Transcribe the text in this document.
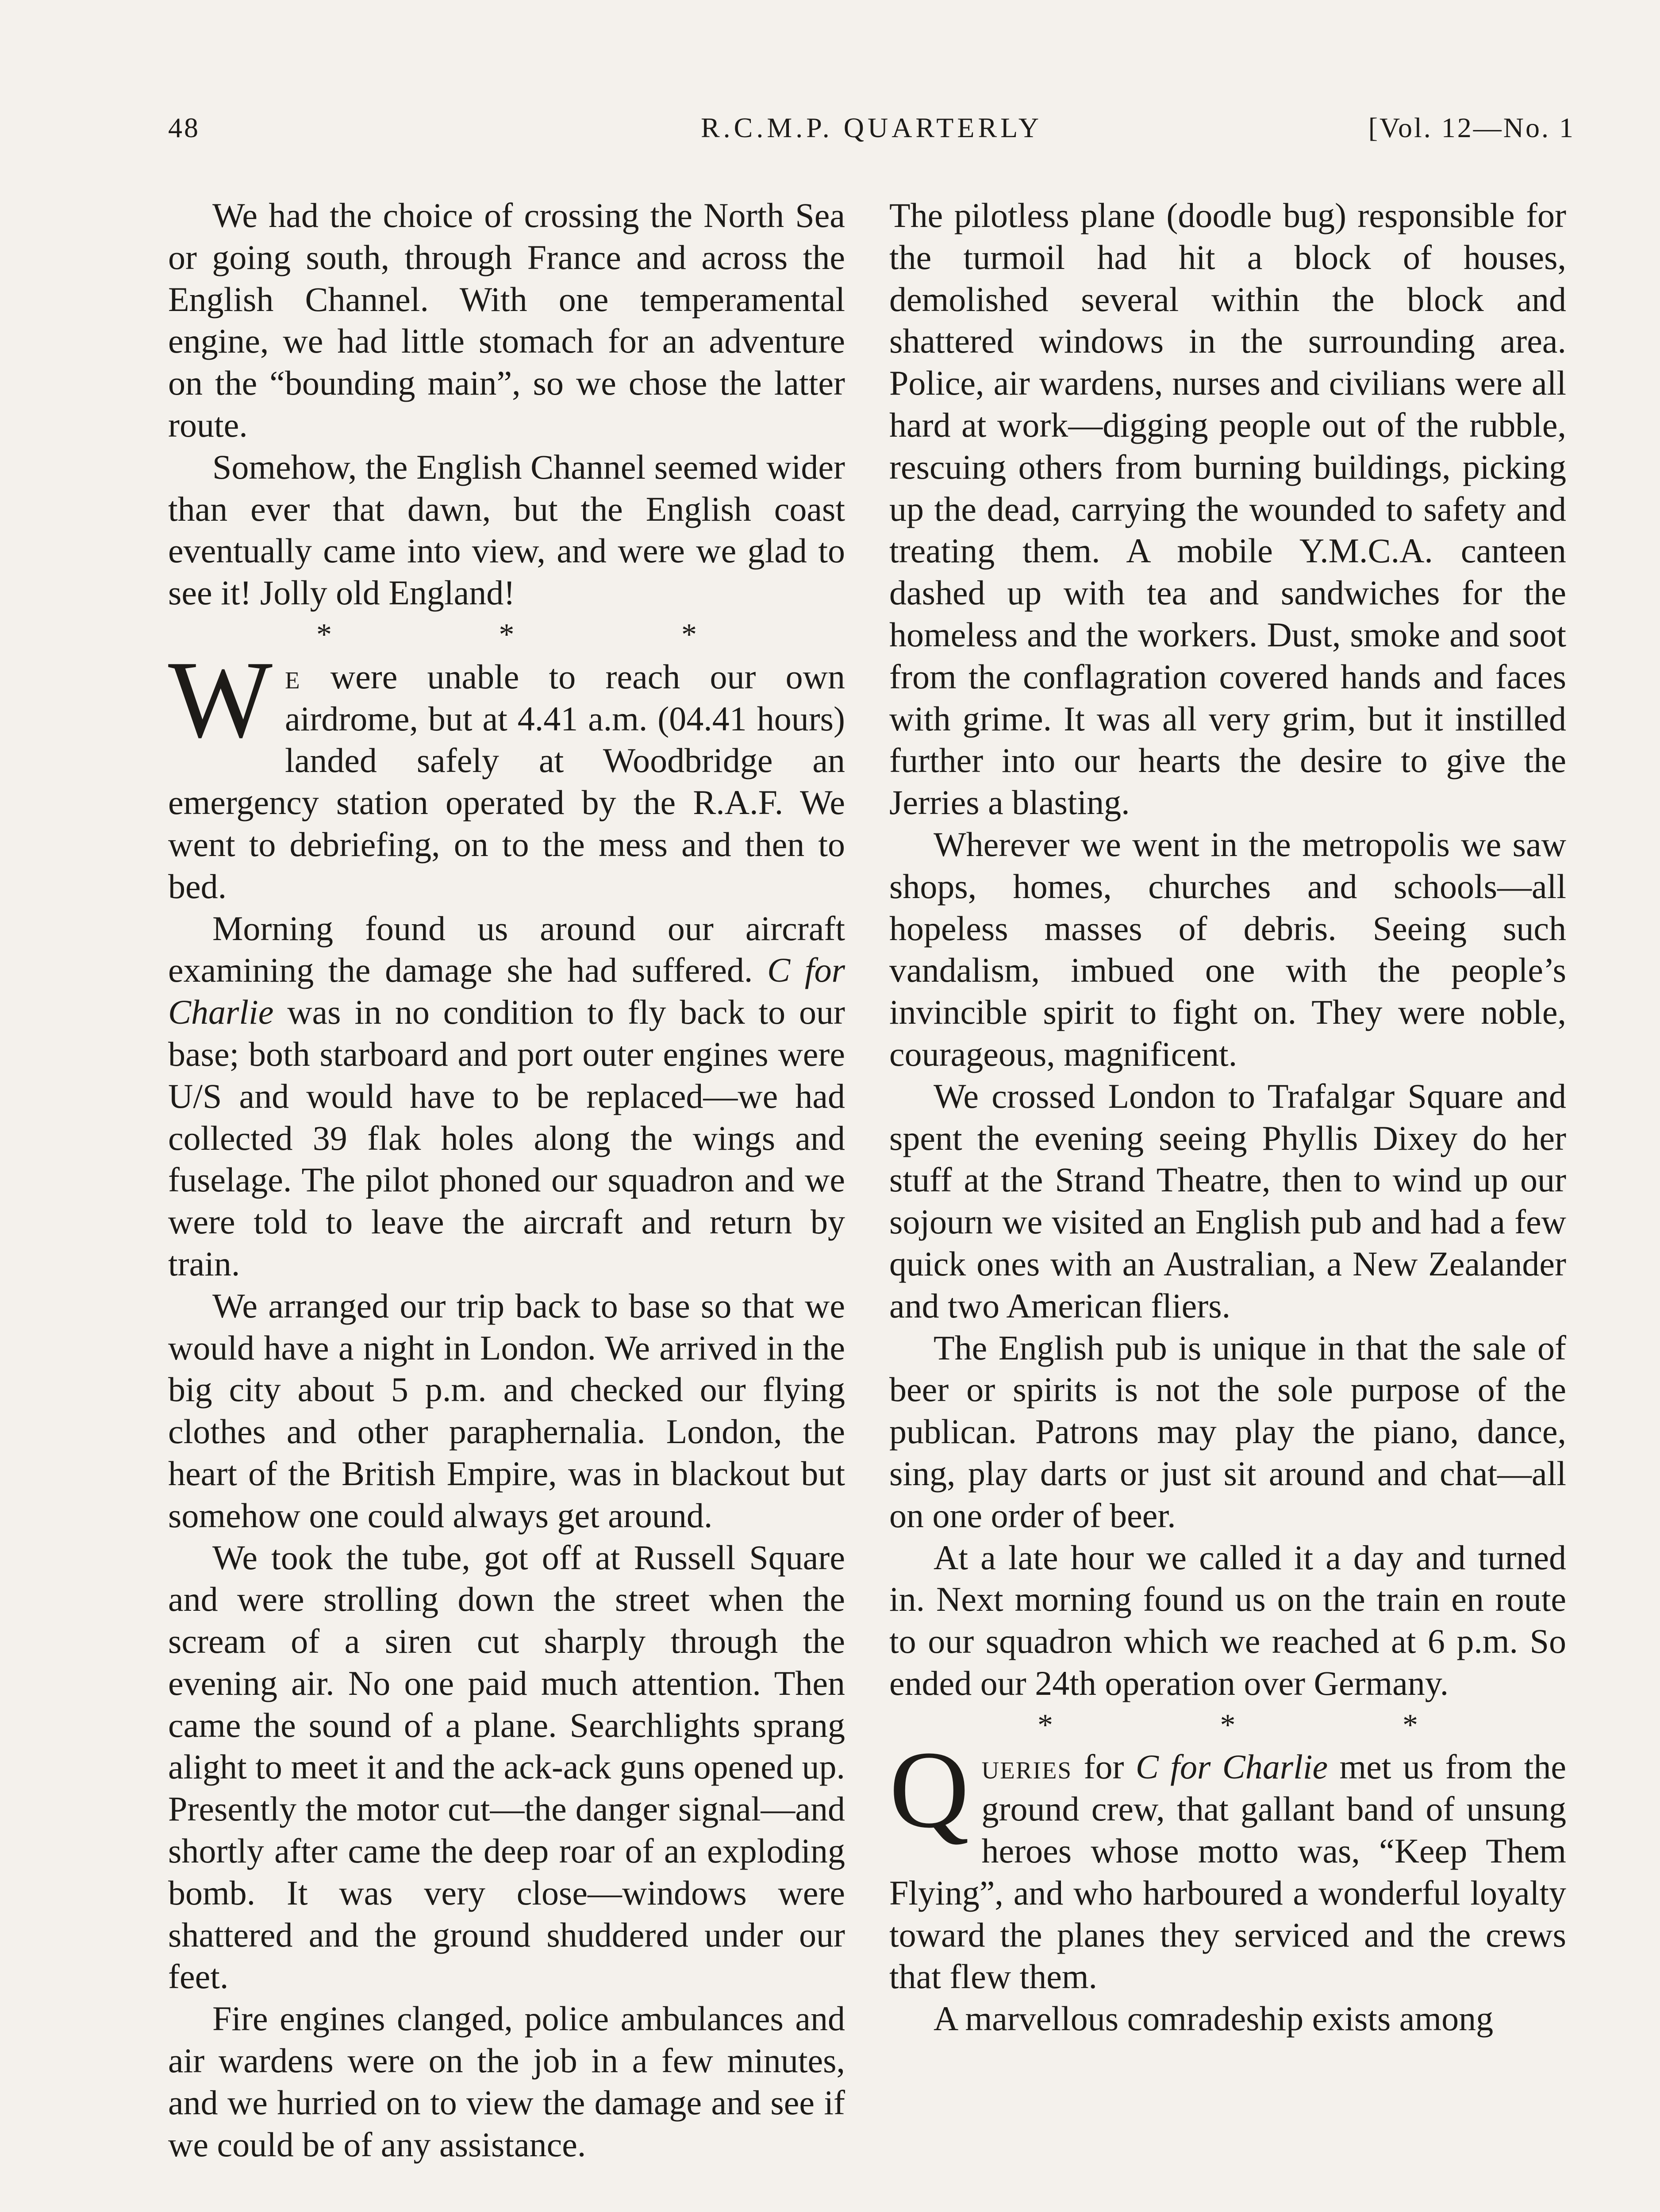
48	R.C.M.P. QUARTERLY	[Vol. 12—No. 1

We had the choice of crossing the North Sea or going south, through France and across the English Channel. With one temperamental engine, we had little stomach for an adventure on the “bounding main”, so we chose the latter route.

Somehow, the English Channel seemed wider than ever that dawn, but the English coast eventually came into view, and were we glad to see it! Jolly old England!

* * *

We were unable to reach our own airdrome, but at 4.41 a.m. (04.41 hours) landed safely at Woodbridge an emergency station operated by the R.A.F. We went to debriefing, on to the mess and then to bed.

Morning found us around our aircraft examining the damage she had suffered. C for Charlie was in no condition to fly back to our base; both starboard and port outer engines were U/S and would have to be replaced—we had collected 39 flak holes along the wings and fuselage. The pilot phoned our squadron and we were told to leave the aircraft and return by train.

We arranged our trip back to base so that we would have a night in London. We arrived in the big city about 5 p.m. and checked our flying clothes and other paraphernalia. London, the heart of the British Empire, was in blackout but somehow one could always get around.

We took the tube, got off at Russell Square and were strolling down the street when the scream of a siren cut sharply through the evening air. No one paid much attention. Then came the sound of a plane. Searchlights sprang alight to meet it and the ack-ack guns opened up. Presently the motor cut—the danger signal—and shortly after came the deep roar of an exploding bomb. It was very close—windows were shattered and the ground shuddered under our feet.

Fire engines clanged, police ambulances and air wardens were on the job in a few minutes, and we hurried on to view the damage and see if we could be of any assistance.

The pilotless plane (doodle bug) responsible for the turmoil had hit a block of houses, demolished several within the block and shattered windows in the surrounding area. Police, air wardens, nurses and civilians were all hard at work—digging people out of the rubble, rescuing others from burning buildings, picking up the dead, carrying the wounded to safety and treating them. A mobile Y.M.C.A. canteen dashed up with tea and sandwiches for the homeless and the workers. Dust, smoke and soot from the conflagration covered hands and faces with grime. It was all very grim, but it instilled further into our hearts the desire to give the Jerries a blasting.

Wherever we went in the metropolis we saw shops, homes, churches and schools—all hopeless masses of debris. Seeing such vandalism, imbued one with the people’s invincible spirit to fight on. They were noble, courageous, magnificent.

We crossed London to Trafalgar Square and spent the evening seeing Phyllis Dixey do her stuff at the Strand Theatre, then to wind up our sojourn we visited an English pub and had a few quick ones with an Australian, a New Zealander and two American fliers.

The English pub is unique in that the sale of beer or spirits is not the sole purpose of the publican. Patrons may play the piano, dance, sing, play darts or just sit around and chat—all on one order of beer.

At a late hour we called it a day and turned in. Next morning found us on the train en route to our squadron which we reached at 6 p.m. So ended our 24th operation over Germany.

* * *

Queries for C for Charlie met us from the ground crew, that gallant band of unsung heroes whose motto was, “Keep Them Flying”, and who harboured a wonderful loyalty toward the planes they serviced and the crews that flew them.

A marvellous comradeship exists among
